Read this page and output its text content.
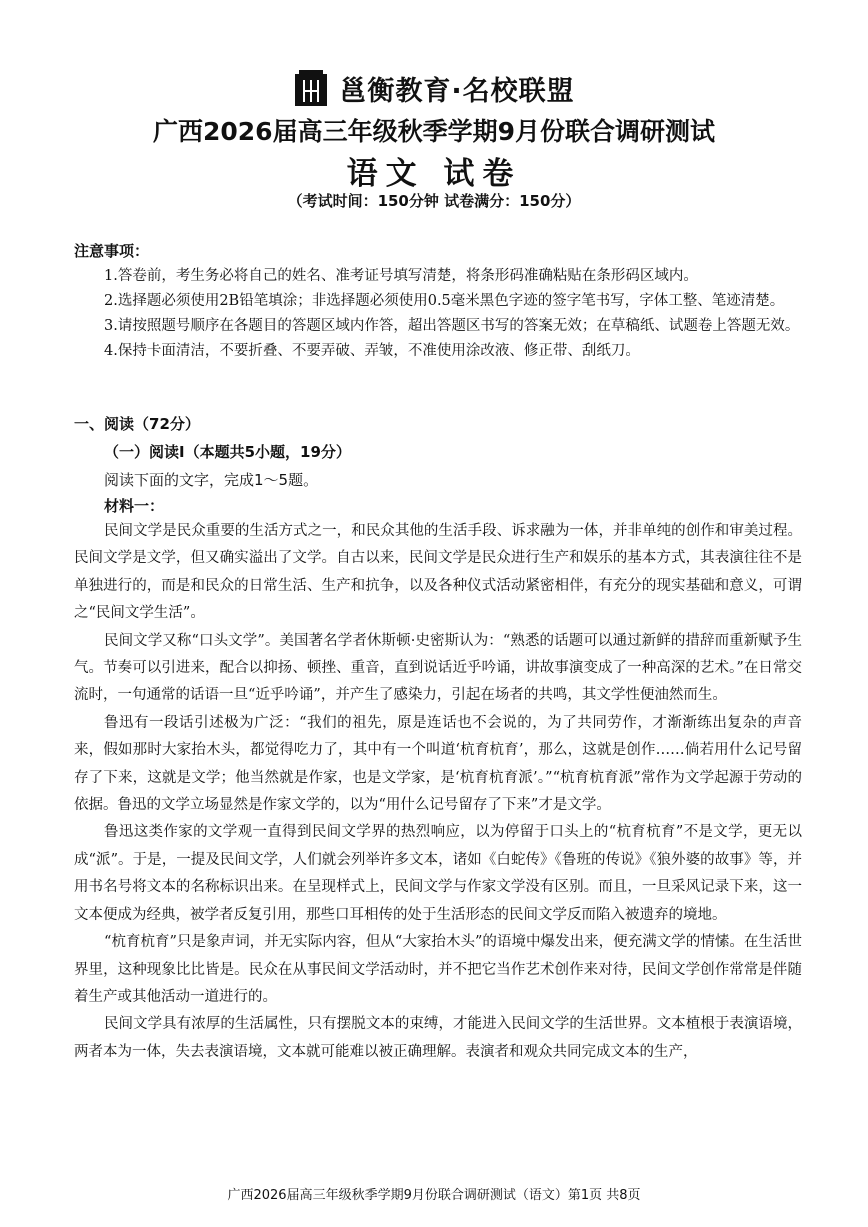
邕衡教育·名校联盟
广西2026届高三年级秋季学期9月份联合调研测试
语文 试卷
（考试时间：150分钟 试卷满分：150分）
注意事项：

1.答卷前，考生务必将自己的姓名、准考证号填写清楚，将条形码准确粘贴在条形码区域内。

2.选择题必须使用2B铅笔填涂；非选择题必须使用0.5毫米黑色字迹的签字笔书写，字体工整、笔迹清楚。

3.请按照题号顺序在各题目的答题区域内作答，超出答题区书写的答案无效；在草稿纸、试题卷上答题无效。

4.保持卡面清洁，不要折叠、不要弄破、弄皱，不准使用涂改液、修正带、刮纸刀。

一、阅读（72分）
（一）阅读Ⅰ（本题共5小题，19分）
阅读下面的文字，完成1～5题。
材料一：

民间文学是民众重要的生活方式之一，和民众其他的生活手段、诉求融为一体，并非单纯的创作和审美过程。民间文学是文学，但又确实溢出了文学。自古以来，民间文学是民众进行生产和娱乐的基本方式，其表演往往不是单独进行的，而是和民众的日常生活、生产和抗争，以及各种仪式活动紧密相伴，有充分的现实基础和意义，可谓之“民间文学生活”。

民间文学又称“口头文学”。美国著名学者休斯顿·史密斯认为：“熟悉的话题可以通过新鲜的措辞而重新赋予生气。节奏可以引进来，配合以抑扬、顿挫、重音，直到说话近乎吟诵，讲故事演变成了一种高深的艺术。”在日常交流时，一句通常的话语一旦“近乎吟诵”，并产生了感染力，引起在场者的共鸣，其文学性便油然而生。

鲁迅有一段话引述极为广泛：“我们的祖先，原是连话也不会说的，为了共同劳作，才渐渐练出复杂的声音来，假如那时大家抬木头，都觉得吃力了，其中有一个叫道‘杭育杭育’，那么，这就是创作……倘若用什么记号留存了下来，这就是文学；他当然就是作家，也是文学家，是‘杭育杭育派’。”“杭育杭育派”常作为文学起源于劳动的依据。鲁迅的文学立场显然是作家文学的，以为“用什么记号留存了下来”才是文学。

鲁迅这类作家的文学观一直得到民间文学界的热烈响应，以为停留于口头上的“杭育杭育”不是文学，更无以成“派”。于是，一提及民间文学，人们就会列举许多文本，诸如《白蛇传》《鲁班的传说》《狼外婆的故事》等，并用书名号将文本的名称标识出来。在呈现样式上，民间文学与作家文学没有区别。而且，一旦采风记录下来，这一文本便成为经典，被学者反复引用，那些口耳相传的处于生活形态的民间文学反而陷入被遗弃的境地。

“杭育杭育”只是象声词，并无实际内容，但从“大家抬木头”的语境中爆发出来，便充满文学的情愫。在生活世界里，这种现象比比皆是。民众在从事民间文学活动时，并不把它当作艺术创作来对待，民间文学创作常常是伴随着生产或其他活动一道进行的。

民间文学具有浓厚的生活属性，只有摆脱文本的束缚，才能进入民间文学的生活世界。文本植根于表演语境，两者本为一体，失去表演语境，文本就可能难以被正确理解。表演者和观众共同完成文本的生产，

广西2026届高三年级秋季学期9月份联合调研测试（语文）第1页 共8页
